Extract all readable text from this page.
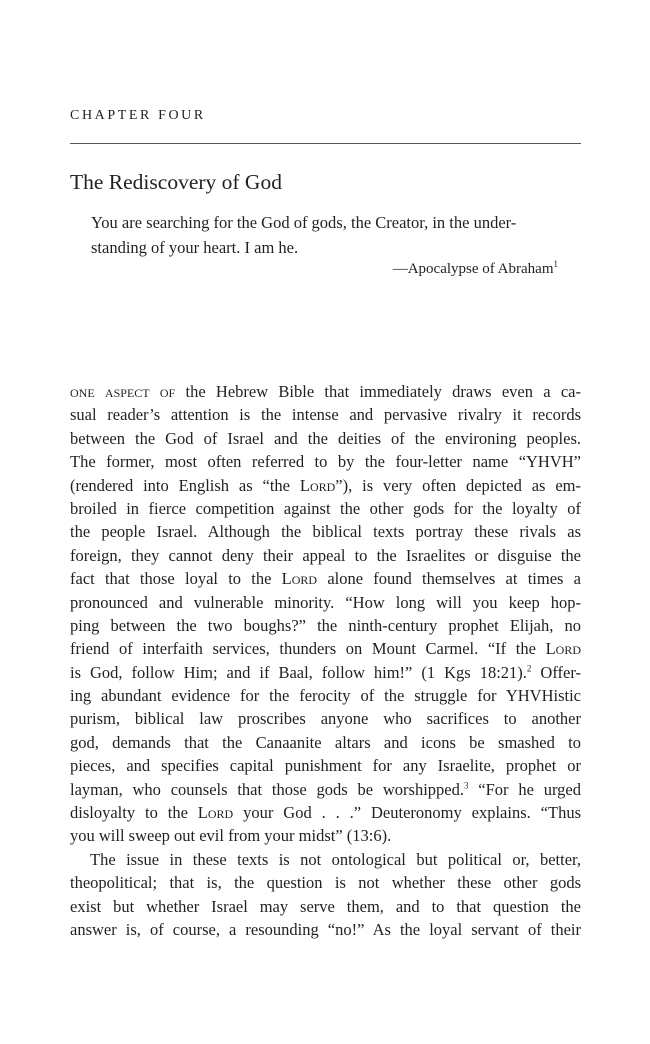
CHAPTER FOUR
The Rediscovery of God
You are searching for the God of gods, the Creator, in the under-
standing of your heart. I am he.
—Apocalypse of Abraham$^1$
one aspect of the Hebrew Bible that immediately draws even a ca-
sual reader’s attention is the intense and pervasive rivalry it records
between the God of Israel and the deities of the environing peoples.
The former, most often referred to by the four-letter name “YHVH”
(rendered into English as “the Lord”), is very often depicted as em-
broiled in fierce competition against the other gods for the loyalty of
the people Israel. Although the biblical texts portray these rivals as
foreign, they cannot deny their appeal to the Israelites or disguise the
fact that those loyal to the Lord alone found themselves at times a
pronounced and vulnerable minority. “How long will you keep hop-
ping between the two boughs?” the ninth-century prophet Elijah, no
friend of interfaith services, thunders on Mount Carmel. “If the Lord
is God, follow Him; and if Baal, follow him!” (1 Kgs 18:21).$^2$ Offer-
ing abundant evidence for the ferocity of the struggle for YHVHistic
purism, biblical law proscribes anyone who sacrifices to another
god, demands that the Canaanite altars and icons be smashed to
pieces, and specifies capital punishment for any Israelite, prophet or
layman, who counsels that those gods be worshipped.$^3$ “For he urged
disloyalty to the Lord your God . . .” Deuteronomy explains. “Thus
you will sweep out evil from your midst” (13:6).
The issue in these texts is not ontological but political or, better,
theopolitical; that is, the question is not whether these other gods
exist but whether Israel may serve them, and to that question the
answer is, of course, a resounding “no!” As the loyal servant of their
